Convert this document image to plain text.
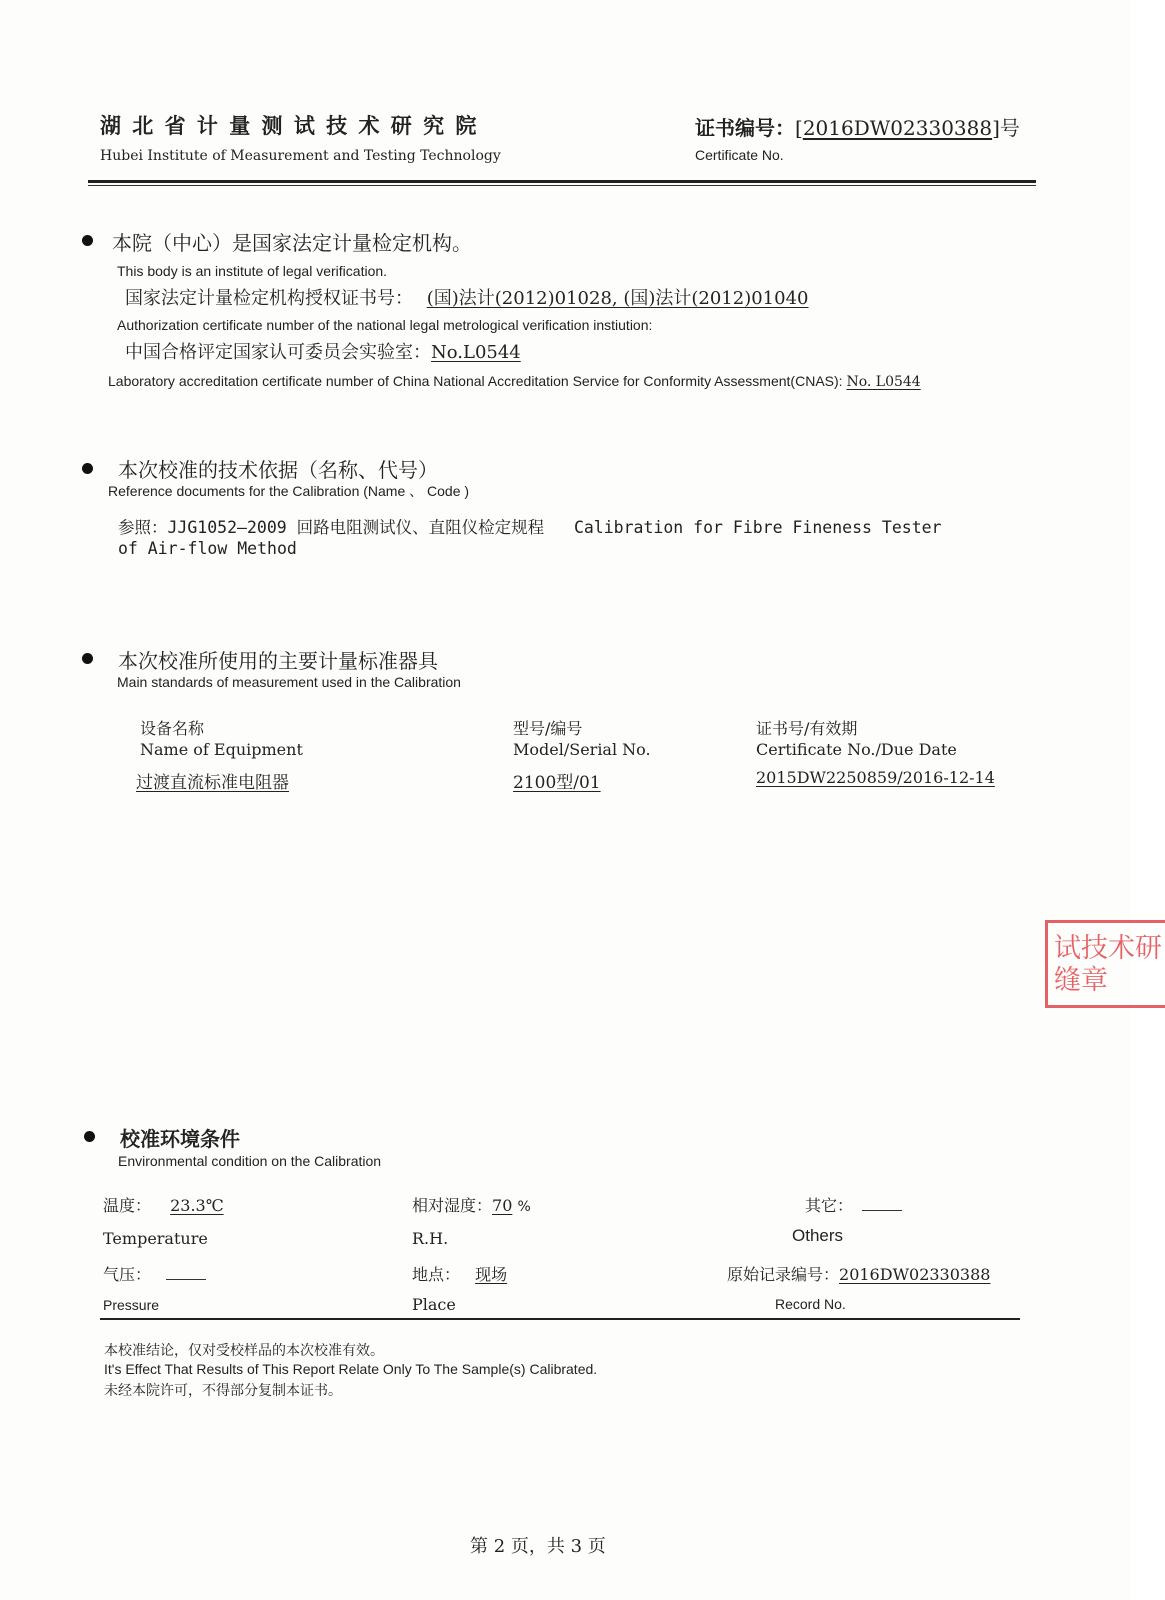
湖 北 省 计 量 测 试 技 术 研 究 院
Hubei Institute of Measurement and Testing Technology
证书编号：[2016DW02330388]号
Certificate No.
本院（中心）是国家法定计量检定机构。
This body is an institute of legal verification.
国家法定计量检定机构授权证书号： (国)法计(2012)01028, (国)法计(2012)01040
Authorization certificate number of the national legal metrological verification instiution:
中国合格评定国家认可委员会实验室：No.L0544
Laboratory accreditation certificate number of China National Accreditation Service for Conformity Assessment(CNAS): No. L0544
本次校准的技术依据（名称、代号）
Reference documents for the Calibration (Name 、 Code )
参照：JJG1052—2009 回路电阻测试仪、直阻仪检定规程   Calibration for Fibre Fineness Tester
of Air-flow Method
本次校准所使用的主要计量标准器具
Main standards of measurement used in the Calibration
设备名称
Name of Equipment
型号/编号
Model/Serial No.
证书号/有效期
Certificate No./Due Date
过渡直流标准电阻器	2100型/01	2015DW2250859/2016-12-14
试技术研
缝章
校准环境条件
Environmental condition on the Calibration
温度： 23.3℃
Temperature
相对湿度：70 %
R.H.
其它：
Others
气压：
Pressure
地点： 现场
Place
原始记录编号：2016DW02330388
Record No.
本校准结论，仅对受校样品的本次校准有效。
It's Effect That Results of This Report Relate Only To The Sample(s) Calibrated.
未经本院许可，不得部分复制本证书。
第 2 页，共 3 页
